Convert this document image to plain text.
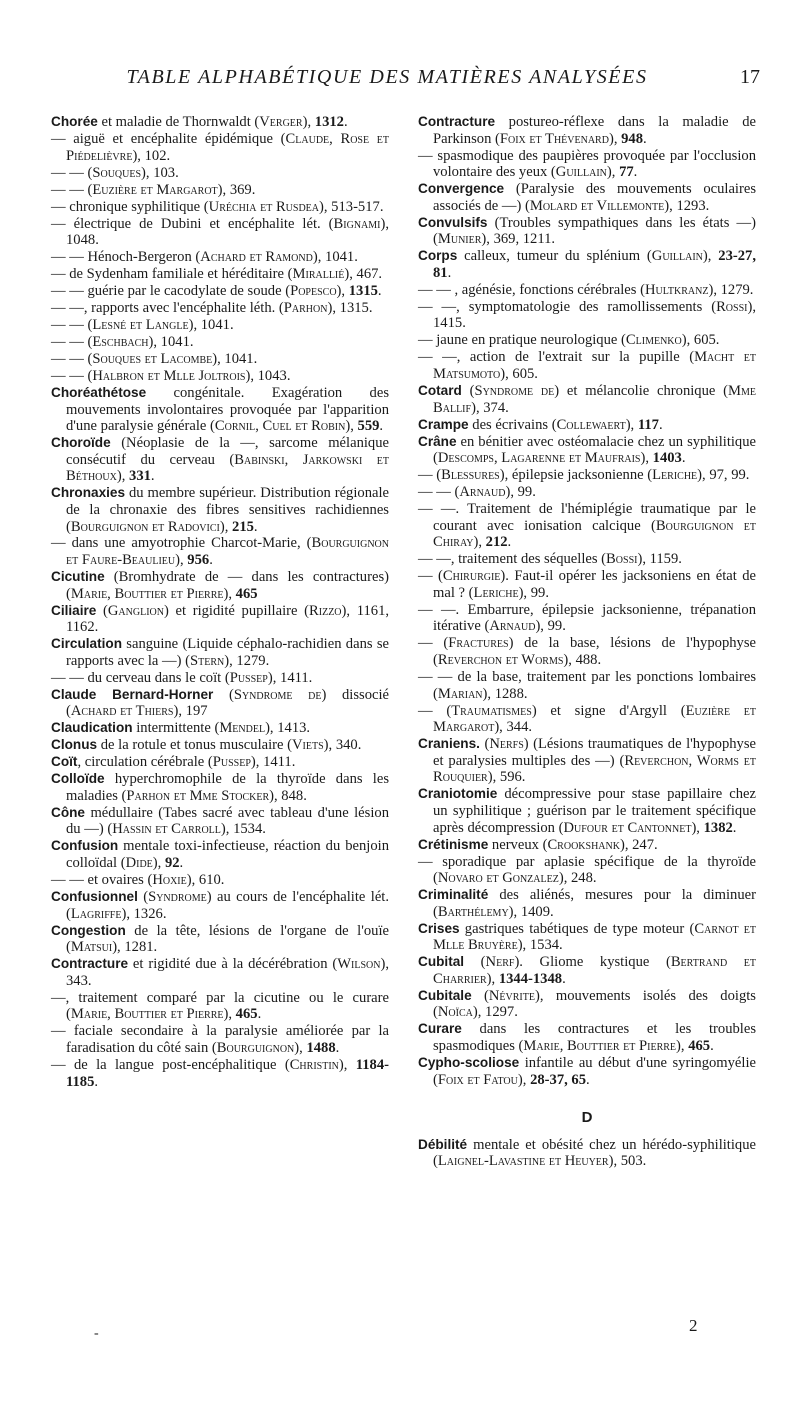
TABLE ALPHABÉTIQUE DES MATIÈRES ANALYSÉES	17

Chorée et maladie de Thornwaldt (Verger), 1312.

— aiguë et encéphalite épidémique (Claude, Rose et Piédelièvre), 102.

— — (Souques), 103.

— — (Euzière et Margarot), 369.

— chronique syphilitique (Uréchia et Rusdea), 513-517.

— électrique de Dubini et encéphalite lét. (Bignami), 1048.

— — Hénoch-Bergeron (Achard et Ramond), 1041.

— de Sydenham familiale et héréditaire (Mirallié), 467.

— — guérie par le cacodylate de soude (Popesco), 1315.

— —, rapports avec l'encéphalite léth. (Parhon), 1315.

— — (Lesné et Langle), 1041.

— — (Eschbach), 1041.

— — (Souques et Lacombe), 1041.

— — (Halbron et Mlle Joltrois), 1043.

Choréathétose congénitale. Exagération des mouvements involontaires provoquée par l'apparition d'une paralysie générale (Cornil, Cuel et Robin), 559.

Choroïde (Néoplasie de la —, sarcome mélanique consécutif du cerveau (Babinski, Jarkowski et Béthoux), 331.

Chronaxies du membre supérieur. Distribution régionale de la chronaxie des fibres sensitives rachidiennes (Bourguignon et Radovici), 215.

— dans une amyotrophie Charcot-Marie, (Bourguignon et Faure-Beaulieu), 956.

Cicutine (Bromhydrate de — dans les contractures) (Marie, Bouttier et Pierre), 465

Ciliaire (Ganglion) et rigidité pupillaire (Rizzo), 1161, 1162.

Circulation sanguine (Liquide céphalo-rachidien dans se rapports avec la —) (Stern), 1279.

— — du cerveau dans le coït (Pussep), 1411.

Claude Bernard-Horner (Syndrome de) dissocié (Achard et Thiers), 197

Claudication intermittente (Mendel), 1413.

Clonus de la rotule et tonus musculaire (Viets), 340.

Coït, circulation cérébrale (Pussep), 1411.

Colloïde hyperchromophile de la thyroïde dans les maladies (Parhon et Mme Stocker), 848.

Cône médullaire (Tabes sacré avec tableau d'une lésion du —) (Hassin et Carroll), 1534.

Confusion mentale toxi-infectieuse, réaction du benjoin colloïdal (Dide), 92.

— — et ovaires (Hoxie), 610.

Confusionnel (Syndrome) au cours de l'encéphalite lét. (Lagriffe), 1326.

Congestion de la tête, lésions de l'organe de l'ouïe (Matsui), 1281.

Contracture et rigidité due à la décérébration (Wilson), 343.

—, traitement comparé par la cicutine ou le curare (Marie, Bouttier et Pierre), 465.

— faciale secondaire à la paralysie améliorée par la faradisation du côté sain (Bourguignon), 1488.

— de la langue post-encéphalitique (Christin), 1184-1185.

Contracture postureo-réflexe dans la maladie de Parkinson (Foix et Thévenard), 948.

— spasmodique des paupières provoquée par l'occlusion volontaire des yeux (Guillain), 77.

Convergence (Paralysie des mouvements oculaires associés de —) (Molard et Villemonte), 1293.

Convulsifs (Troubles sympathiques dans les états —) (Munier), 369, 1211.

Corps calleux, tumeur du splénium (Guillain), 23-27, 81.

— — , agénésie, fonctions cérébrales (Hultkranz), 1279.

— —, symptomatologie des ramollissements (Rossi), 1415.

— jaune en pratique neurologique (Climenko), 605.

— —, action de l'extrait sur la pupille (Macht et Matsumoto), 605.

Cotard (Syndrome de) et mélancolie chronique (Mme Ballif), 374.

Crampe des écrivains (Collewaert), 117.

Crâne en bénitier avec ostéomalacie chez un syphilitique (Descomps, Lagarenne et Maufrais), 1403.

— (Blessures), épilepsie jacksonienne (Leriche), 97, 99.

— — (Arnaud), 99.

— —. Traitement de l'hémiplégie traumatique par le courant avec ionisation calcique (Bourguignon et Chiray), 212.

— —, traitement des séquelles (Bossi), 1159.

— (Chirurgie). Faut-il opérer les jacksoniens en état de mal ? (Leriche), 99.

— —. Embarrure, épilepsie jacksonienne, trépanation itérative (Arnaud), 99.

— (Fractures) de la base, lésions de l'hypophyse (Reverchon et Worms), 488.

— — de la base, traitement par les ponctions lombaires (Marian), 1288.

— (Traumatismes) et signe d'Argyll (Euzière et Margarot), 344.

Craniens. (Nerfs) (Lésions traumatiques de l'hypophyse et paralysies multiples des —) (Reverchon, Worms et Rouquier), 596.

Craniotomie décompressive pour stase papillaire chez un syphilitique ; guérison par le traitement spécifique après décompression (Dufour et Cantonnet), 1382.

Crétinisme nerveux (Crookshank), 247.

— sporadique par aplasie spécifique de la thyroïde (Novaro et Gonzalez), 248.

Criminalité des aliénés, mesures pour la diminuer (Barthélemy), 1409.

Crises gastriques tabétiques de type moteur (Carnot et Mlle Bruyère), 1534.

Cubital (Nerf). Gliome kystique (Bertrand et Charrier), 1344-1348.

Cubitale (Névrite), mouvements isolés des doigts (Noïca), 1297.

Curare dans les contractures et les troubles spasmodiques (Marie, Bouttier et Pierre), 465.

Cypho-scoliose infantile au début d'une syringomyélie (Foix et Fatou), 28-37, 65.

D

Débilité mentale et obésité chez un hérédo-syphilitique (Laignel-Lavastine et Heuyer), 503.

-	2
